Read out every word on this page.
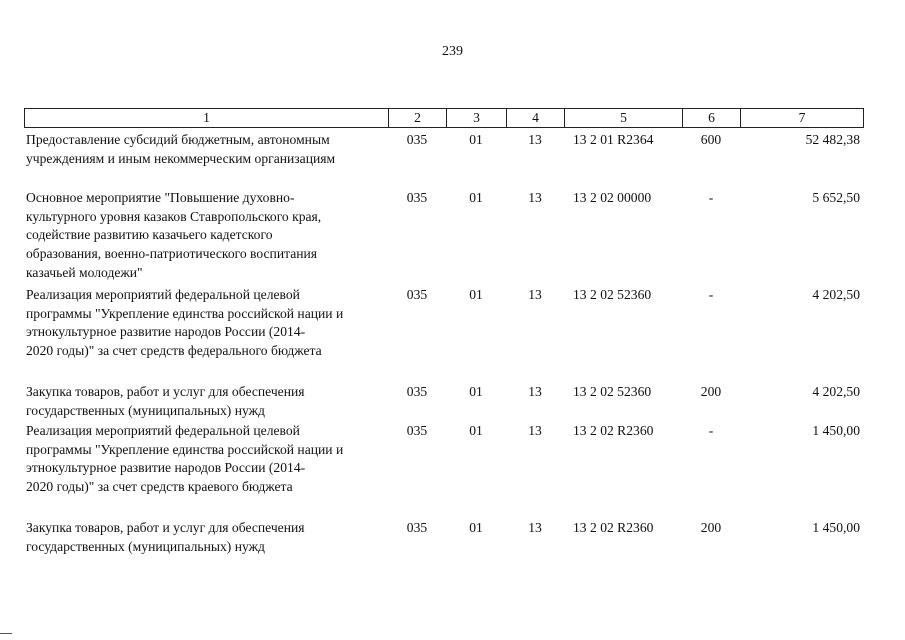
239
1	2	3	4	5	6	7
Предоставление субсидий бюджетным, автономным
учреждениям и иным некоммерческим организациям
035	01	13	13 2 01 R2364	600	52 482,38
Основное мероприятие "Повышение духовно-
культурного уровня казаков Ставропольского края,
содействие развитию казачьего кадетского
образования, военно-патриотического воспитания
казачьей молодежи"
035	01	13	13 2 02 00000	-	5 652,50
Реализация мероприятий федеральной целевой
программы "Укрепление единства российской нации и
этнокультурное развитие народов России (2014-
2020 годы)" за счет средств федерального бюджета
035	01	13	13 2 02 52360	-	4 202,50
Закупка товаров, работ и услуг для обеспечения
государственных (муниципальных) нужд
035	01	13	13 2 02 52360	200	4 202,50
Реализация мероприятий федеральной целевой
программы "Укрепление единства российской нации и
этнокультурное развитие народов России (2014-
2020 годы)" за счет средств краевого бюджета
035	01	13	13 2 02 R2360	-	1 450,00
Закупка товаров, работ и услуг для обеспечения
государственных (муниципальных) нужд
035	01	13	13 2 02 R2360	200	1 450,00
